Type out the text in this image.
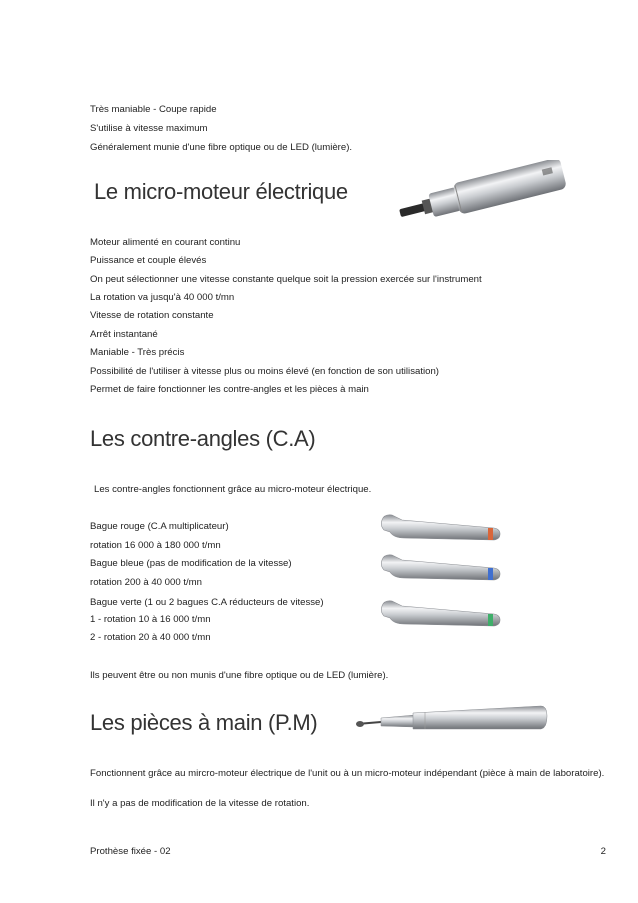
Très maniable - Coupe rapide
S'utilise à vitesse maximum
Généralement munie d'une fibre optique ou de LED (lumière).
Le micro-moteur électrique
Moteur alimenté en courant continu
Puissance et couple élevés
On peut sélectionner une vitesse constante quelque soit la pression exercée sur l'instrument
La rotation va jusqu'à 40 000 t/mn
Vitesse de rotation constante
Arrêt instantané
Maniable - Très précis
Possibilité de l'utiliser à vitesse plus ou moins élevé (en fonction de son utilisation)
Permet de faire fonctionner les contre-angles et les pièces à main
Les contre-angles (C.A)
Les contre-angles fonctionnent grâce au micro-moteur électrique.
Bague rouge (C.A multiplicateur)
rotation 16 000 à 180 000 t/mn
Bague bleue (pas de modification de la vitesse)
rotation 200 à 40 000 t/mn
Bague verte (1 ou 2 bagues C.A réducteurs de vitesse)
1 - rotation 10 à 16 000 t/mn
2 - rotation 20 à 40 000 t/mn
Ils peuvent être ou non munis d'une fibre optique ou de LED (lumière).
Les pièces à main (P.M)
Fonctionnent grâce au mircro-moteur électrique de l'unit ou à un micro-moteur indépendant (pièce à main de laboratoire).
Il n'y a pas de modification de la vitesse de rotation.
Prothèse fixée - 02	2
